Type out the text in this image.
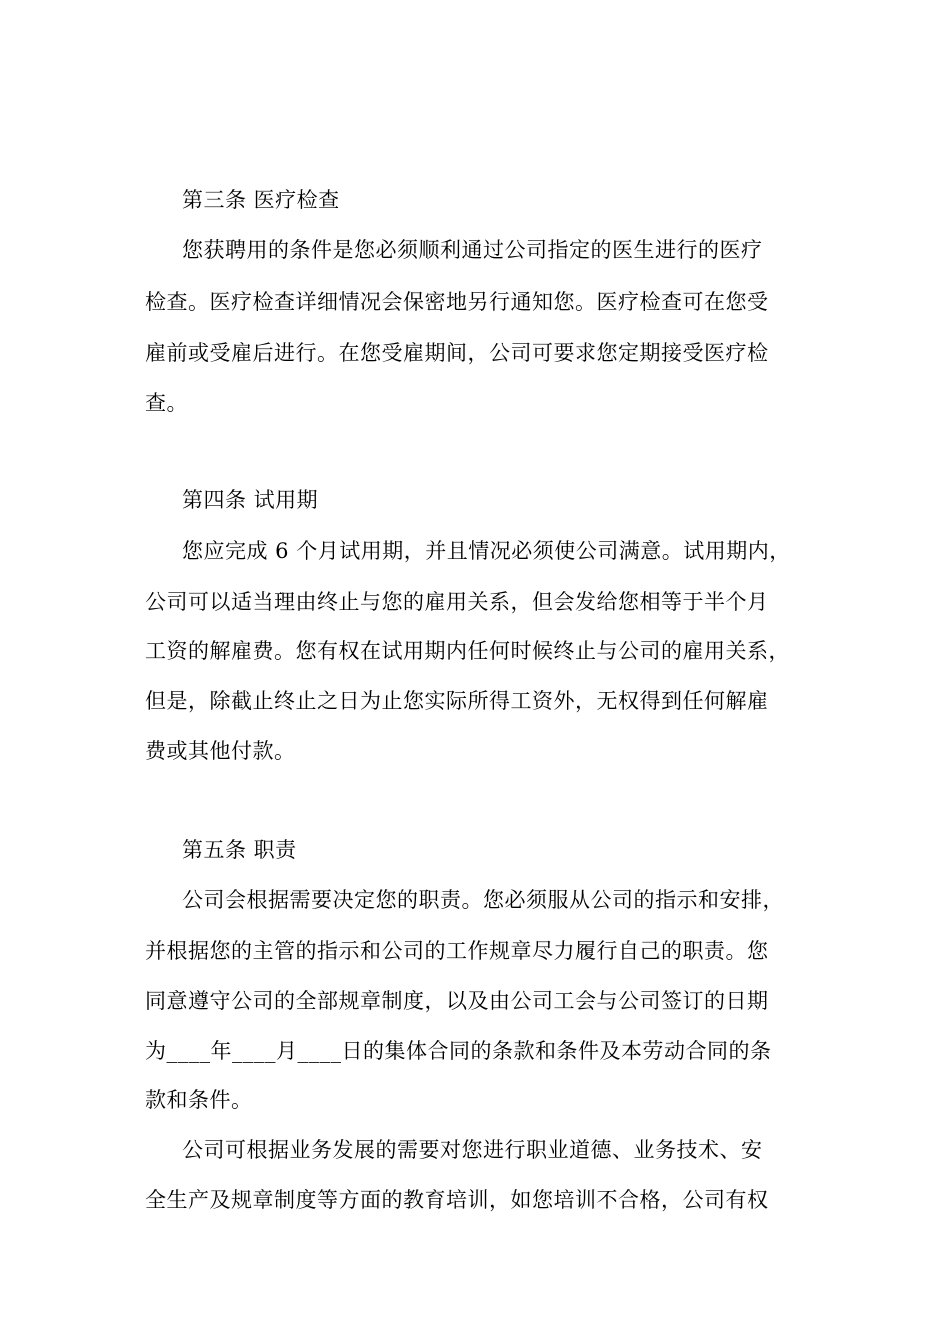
第三条 医疗检查
您获聘用的条件是您必须顺利通过公司指定的医生进行的医疗
检查。医疗检查详细情况会保密地另行通知您。医疗检查可在您受
雇前或受雇后进行。在您受雇期间，公司可要求您定期接受医疗检
查。
第四条 试用期
您应完成 6 个月试用期，并且情况必须使公司满意。试用期内，
公司可以适当理由终止与您的雇用关系，但会发给您相等于半个月
工资的解雇费。您有权在试用期内任何时候终止与公司的雇用关系，
但是，除截止终止之日为止您实际所得工资外，无权得到任何解雇
费或其他付款。
第五条 职责
公司会根据需要决定您的职责。您必须服从公司的指示和安排，
并根据您的主管的指示和公司的工作规章尽力履行自己的职责。您
同意遵守公司的全部规章制度，以及由公司工会与公司签订的日期
为____年____月____日的集体合同的条款和条件及本劳动合同的条
款和条件。
公司可根据业务发展的需要对您进行职业道德、业务技术、安
全生产及规章制度等方面的教育培训，如您培训不合格，公司有权
